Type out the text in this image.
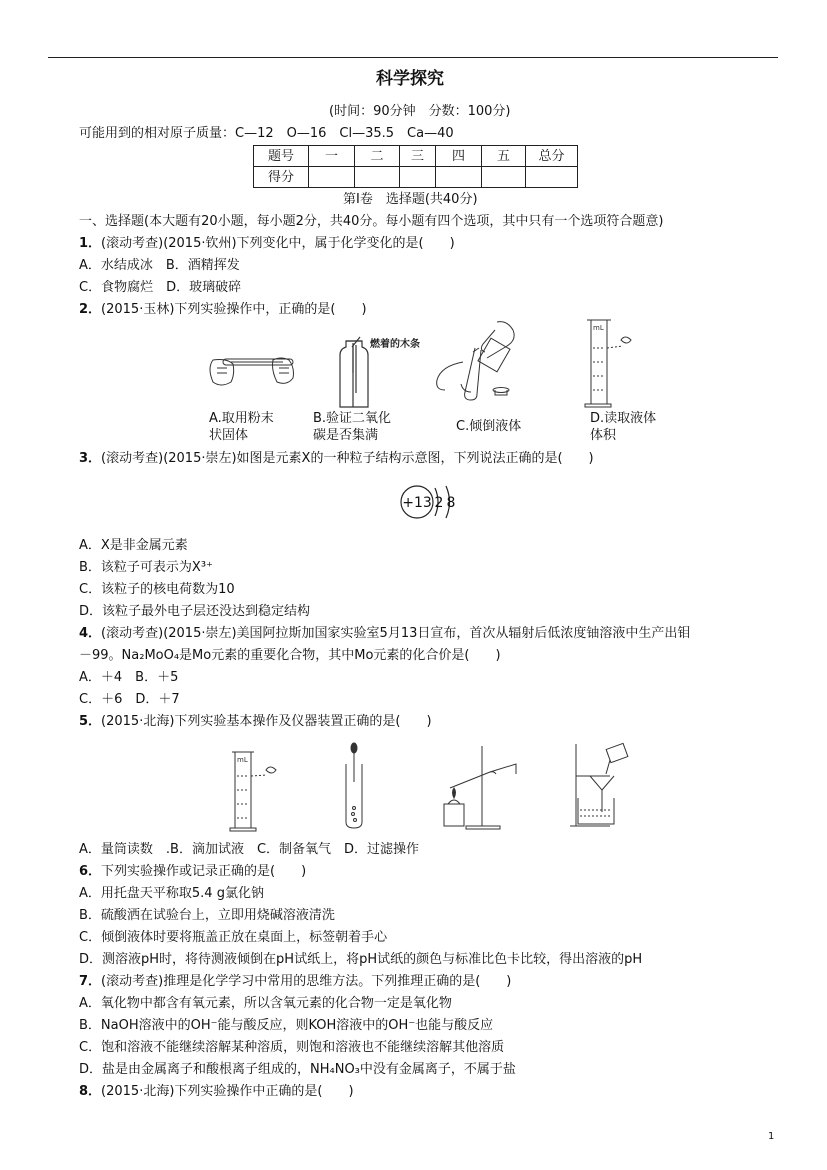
科学探究
(时间：90分钟　分数：100分)
可能用到的相对原子质量：C—12　O—16　Cl—35.5　Ca—40
题号	一	二	三	四	五	总分
得分						
第Ⅰ卷　选择题(共40分)
一、选择题(本大题有20小题，每小题2分，共40分。每小题有四个选项，其中只有一个选项符合题意)
1．(滚动考查)(2015·钦州)下列变化中，属于化学变化的是(　　)
A．水结成冰　B．酒精挥发
C．食物腐烂　D．玻璃破碎
2．(2015·玉林)下列实验操作中，正确的是(　　)
A.取用粉末
状固体
燃着的木条
B.验证二氧化
碳是否集满
C.倾倒液体
mL
D.读取液体
体积
3．(滚动考查)(2015·崇左)如图是元素X的一种粒子结构示意图，下列说法正确的是(　　)
+13 2 8
A．X是非金属元素
B．该粒子可表示为X³⁺
C．该粒子的核电荷数为10
D．该粒子最外电子层还没达到稳定结构
4．(滚动考查)(2015·崇左)美国阿拉斯加国家实验室5月13日宣布，首次从辐射后低浓度铀溶液中生产出钼
－99。Na₂MoO₄是Mo元素的重要化合物，其中Mo元素的化合价是(　　)
A．＋4　B．＋5
C．＋6　D．＋7
5．(2015·北海)下列实验基本操作及仪器装置正确的是(　　)
mL
A．量筒读数　.B．滴加试液　C．制备氧气　D．过滤操作
6．下列实验操作或记录正确的是(　　)
A．用托盘天平称取5.4 g氯化钠
B．硫酸洒在试验台上，立即用烧碱溶液清洗
C．倾倒液体时要将瓶盖正放在桌面上，标签朝着手心
D．测溶液pH时，将待测液倾倒在pH试纸上，将pH试纸的颜色与标准比色卡比较，得出溶液的pH
7．(滚动考查)推理是化学学习中常用的思维方法。下列推理正确的是(　　)
A．氧化物中都含有氧元素，所以含氧元素的化合物一定是氧化物
B．NaOH溶液中的OH⁻能与酸反应，则KOH溶液中的OH⁻也能与酸反应
C．饱和溶液不能继续溶解某种溶质，则饱和溶液也不能继续溶解其他溶质
D．盐是由金属离子和酸根离子组成的，NH₄NO₃中没有金属离子，不属于盐
8．(2015·北海)下列实验操作中正确的是(　　)
1
